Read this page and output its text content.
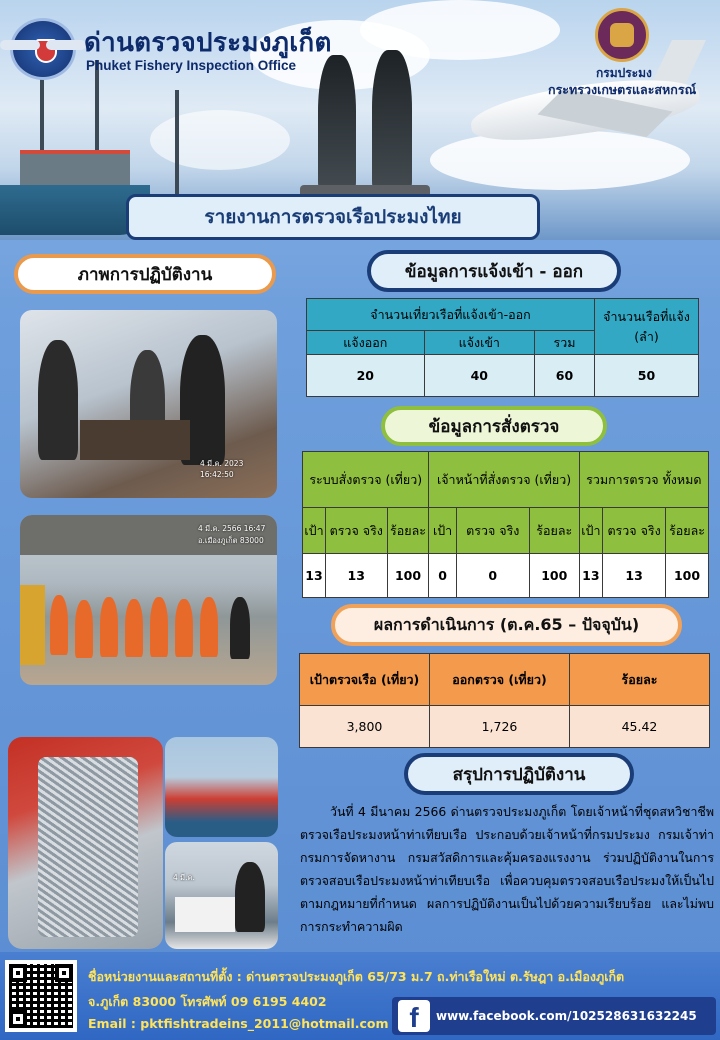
ด่านตรวจประมงภูเก็ต
Phuket Fishery Inspection Office	กรมประมง
กระทรวงเกษตรและสหกรณ์
รายงานการตรวจเรือประมงไทย
ภาพการปฏิบัติงาน
4 มี.ค. 2023 16:42:50
4 มี.ค. 2566 16:47
อ.เมืองภูเก็ต 83000
4 มี.ค.
ข้อมูลการแจ้งเข้า - ออก
จำนวนเที่ยวเรือที่แจ้งเข้า-ออก			จำนวนเรือที่แจ้ง (ลำ)
แจ้งออก	แจ้งเข้า	รวม	
20	40	60	50
ข้อมูลการสั่งตรวจ
ระบบสั่งตรวจ (เที่ยว)			เจ้าหน้าที่สั่งตรวจ (เที่ยว)			รวมการตรวจ ทั้งหมด		
เป้า	ตรวจ จริง	ร้อยละ	เป้า	ตรวจ จริง	ร้อยละ	เป้า	ตรวจ จริง	ร้อยละ
13	13	100	0	0	100	13	13	100
ผลการดำเนินการ (ต.ค.65 – ปัจจุบัน)
เป้าตรวจเรือ (เที่ยว)	ออกตรวจ (เที่ยว)	ร้อยละ
3,800	1,726	45.42
สรุปการปฏิบัติงาน
วันที่ 4 มีนาคม 2566 ด่านตรวจประมงภูเก็ต โดยเจ้าหน้าที่ชุดสหวิชาชีพตรวจเรือประมงหน้าท่าเทียบเรือ ประกอบด้วยเจ้าหน้าที่กรมประมง กรมเจ้าท่า กรมการจัดหางาน กรมสวัสดิการและคุ้มครองแรงงาน ร่วมปฏิบัติงานในการตรวจสอบเรือประมงหน้าท่าเทียบเรือ เพื่อควบคุมตรวจสอบเรือประมงให้เป็นไปตามกฎหมายที่กำหนด ผลการปฏิบัติงานเป็นไปด้วยความเรียบร้อย และไม่พบการกระทำความผิด
ชื่อหน่วยงานและสถานที่ตั้ง : ด่านตรวจประมงภูเก็ต 65/73 ม.7 ถ.ท่าเรือใหม่ ต.รัษฎา อ.เมืองภูเก็ต
จ.ภูเก็ต 83000 โทรศัพท์ 09 6195 4402
Email : pktfishtradeins_2011@hotmail.com f	www.facebook.com/102528631632245
